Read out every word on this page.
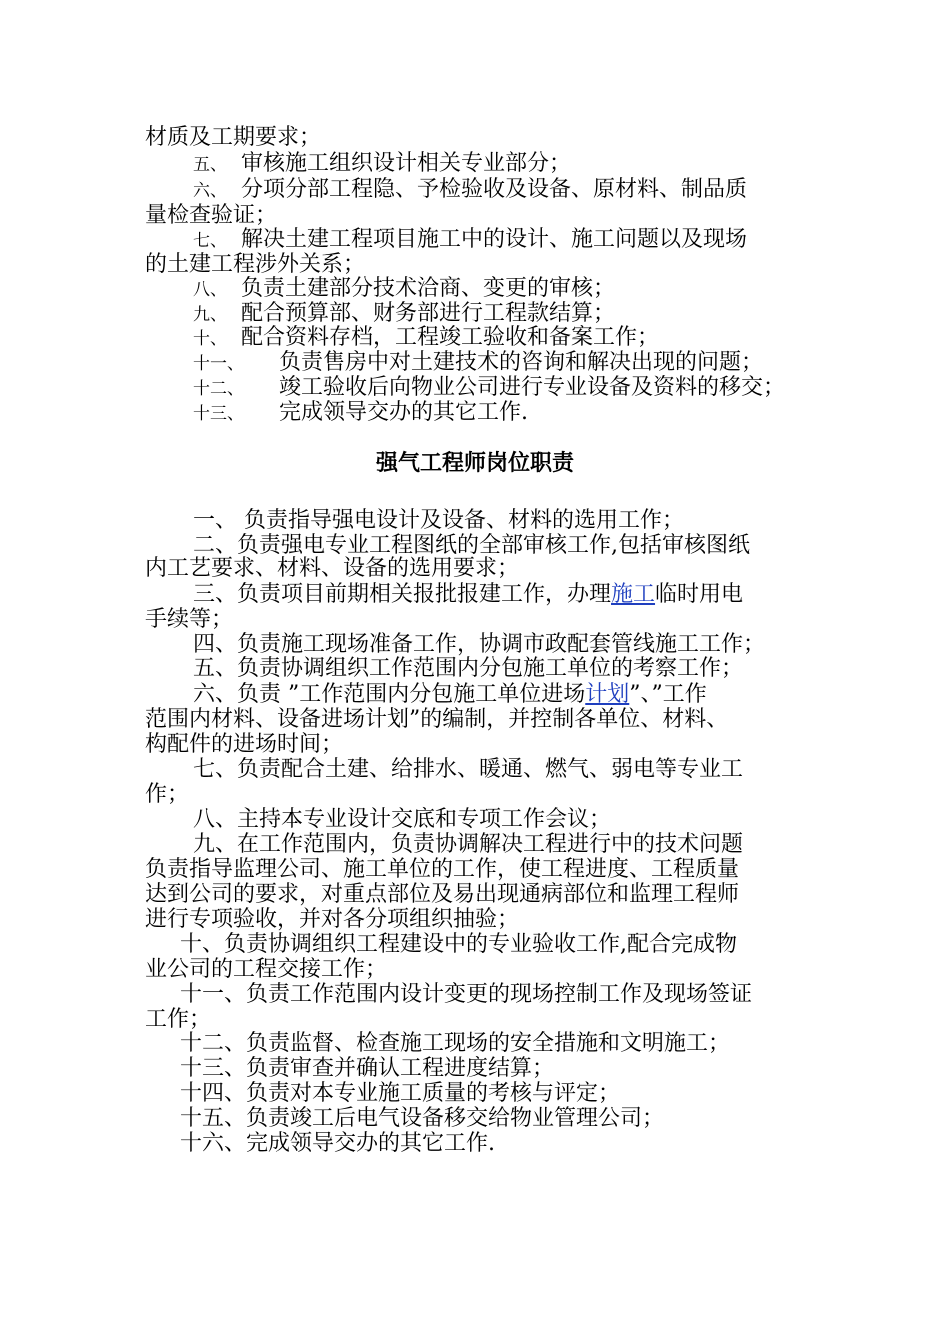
材质及工期要求；
五、 审核施工组织设计相关专业部分；
六、 分项分部工程隐、予检验收及设备、原材料、制品质
量检查验证；
七、 解决土建工程项目施工中的设计、施工问题以及现场
的土建工程涉外关系；
八、 负责土建部分技术洽商、变更的审核；
九、 配合预算部、财务部进行工程款结算；
十、 配合资料存档，工程竣工验收和备案工作；
十一、 负责售房中对土建技术的咨询和解决出现的问题；
十二、 竣工验收后向物业公司进行专业设备及资料的移交；
十三、 完成领导交办的其它工作.
强气工程师岗位职责
一、 负责指导强电设计及设备、材料的选用工作；
二、负责强电专业工程图纸的全部审核工作,包括审核图纸
内工艺要求、材料、设备的选用要求；
三、负责项目前期相关报批报建工作，办理施工临时用电
手续等；
四、负责施工现场准备工作，协调市政配套管线施工工作；
五、负责协调组织工作范围内分包施工单位的考察工作；
六、负责 ”工作范围内分包施工单位进场计划”、”工作
范围内材料、设备进场计划”的编制，并控制各单位、材料、
构配件的进场时间；
七、负责配合土建、给排水、暖通、燃气、弱电等专业工
作；
八、主持本专业设计交底和专项工作会议；
九、在工作范围内，负责协调解决工程进行中的技术问题
负责指导监理公司、施工单位的工作，使工程进度、工程质量
达到公司的要求，对重点部位及易出现通病部位和监理工程师
进行专项验收，并对各分项组织抽验；
十、负责协调组织工程建设中的专业验收工作,配合完成物
业公司的工程交接工作；
十一、负责工作范围内设计变更的现场控制工作及现场签证
工作；
十二、负责监督、检查施工现场的安全措施和文明施工；
十三、负责审查并确认工程进度结算；
十四、负责对本专业施工质量的考核与评定；
十五、负责竣工后电气设备移交给物业管理公司；
十六、完成领导交办的其它工作.
